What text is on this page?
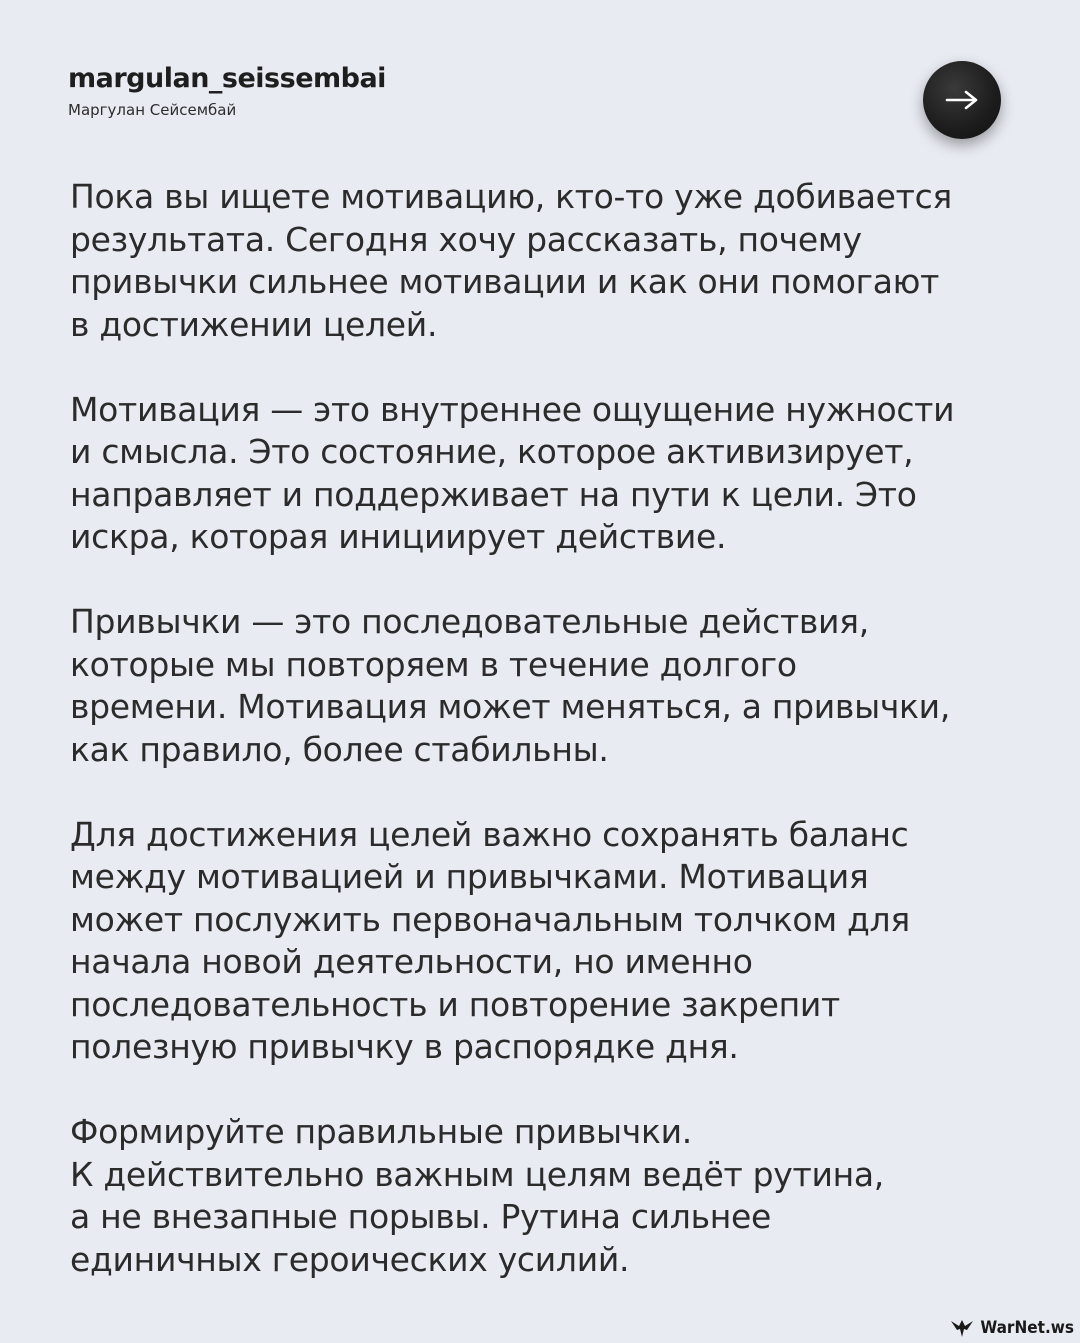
margulan_seissembai
Маргулан Сейсембай

Пока вы ищете мотивацию, кто-то уже добивается
результата. Сегодня хочу рассказать, почему
привычки сильнее мотивации и как они помогают
в достижении целей.

Мотивация — это внутреннее ощущение нужности
и смысла. Это состояние, которое активизирует,
направляет и поддерживает на пути к цели. Это
искра, которая инициирует действие.

Привычки — это последовательные действия,
которые мы повторяем в течение долгого
времени. Мотивация может меняться, а привычки,
как правило, более стабильны.

Для достижения целей важно сохранять баланс
между мотивацией и привычками. Мотивация
может послужить первоначальным толчком для
начала новой деятельности, но именно
последовательность и повторение закрепит
полезную привычку в распорядке дня.

Формируйте правильные привычки.
К действительно важным целям ведёт рутина,
а не внезапные порывы. Рутина сильнее
единичных героических усилий.

WarNet.ws
